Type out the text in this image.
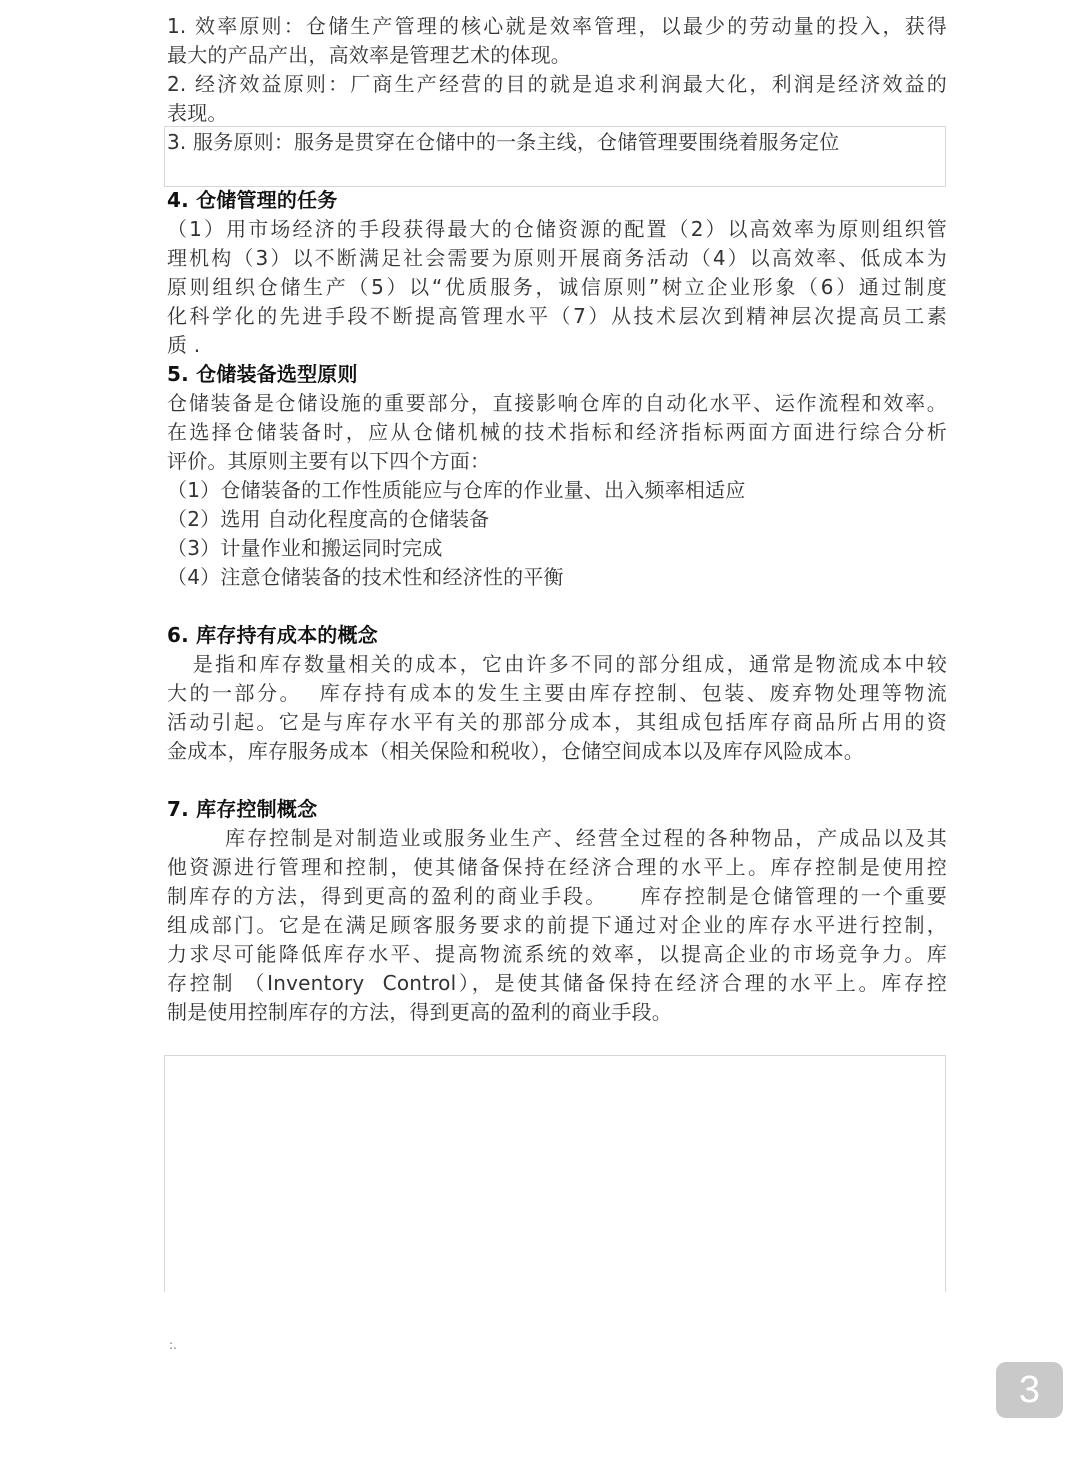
1. 效率原则：仓储生产管理的核心就是效率管理，以最少的劳动量的投入，获得
最大的产品产出，高效率是管理艺术的体现。
2. 经济效益原则：厂商生产经营的目的就是追求利润最大化，利润是经济效益的
表现。
3. 服务原则：服务是贯穿在仓储中的一条主线，仓储管理要围绕着服务定位
4. 仓储管理的任务
（1）用市场经济的手段获得最大的仓储资源的配置（2）以高效率为原则组织管
理机构（3）以不断满足社会需要为原则开展商务活动（4）以高效率、低成本为
原则组织仓储生产（5）以“优质服务，诚信原则”树立企业形象（6）通过制度
化科学化的先进手段不断提高管理水平（7）从技术层次到精神层次提高员工素
质 .
5. 仓储装备选型原则
仓储装备是仓储设施的重要部分，直接影响仓库的自动化水平、运作流程和效率。
在选择仓储装备时，应从仓储机械的技术指标和经济指标两面方面进行综合分析
评价。其原则主要有以下四个方面：
（1）仓储装备的工作性质能应与仓库的作业量、出入频率相适应
（2）选用 自动化程度高的仓储装备
（3）计量作业和搬运同时完成
（4）注意仓储装备的技术性和经济性的平衡
6. 库存持有成本的概念
是指和库存数量相关的成本，它由许多不同的部分组成，通常是物流成本中较
大的一部分。  库存持有成本的发生主要由库存控制、包装、废弃物处理等物流
活动引起。它是与库存水平有关的那部分成本，其组成包括库存商品所占用的资
金成本，库存服务成本（相关保险和税收），仓储空间成本以及库存风险成本。
7. 库存控制概念
库存控制是对制造业或服务业生产、经营全过程的各种物品，产成品以及其
他资源进行管理和控制，使其储备保持在经济合理的水平上。库存控制是使用控
制库存的方法，得到更高的盈利的商业手段。    库存控制是仓储管理的一个重要
组成部门。它是在满足顾客服务要求的前提下通过对企业的库存水平进行控制，
力求尽可能降低库存水平、提高物流系统的效率，以提高企业的市场竞争力。库
存控制 （Inventory  Control），是使其储备保持在经济合理的水平上。库存控
制是使用控制库存的方法，得到更高的盈利的商业手段。
:.
3
